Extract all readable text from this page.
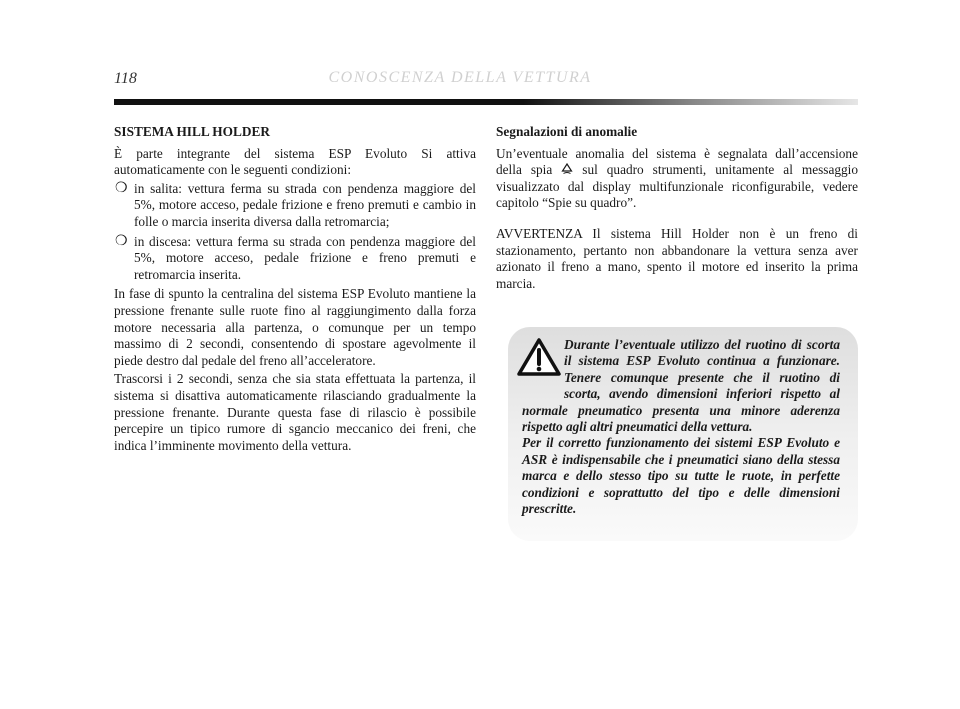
118	CONOSCENZA DELLA VETTURA

SISTEMA HILL HOLDER

È parte integrante del sistema ESP Evoluto Si attiva automaticamente con le seguenti condizioni:

❍ in salita: vettura ferma su strada con pendenza maggiore del 5%, motore acceso, pedale frizione e freno premuti e cambio in folle o marcia inserita diversa dalla retromarcia;
❍ in discesa: vettura ferma su strada con pendenza maggiore del 5%, motore acceso, pedale frizione e freno premuti e retromarcia inserita.

In fase di spunto la centralina del sistema ESP Evoluto mantiene la pressione frenante sulle ruote fino al raggiungimento dalla forza motore necessaria alla partenza, o comunque per un tempo massimo di 2 secondi, consentendo di spostare agevolmente il piede destro dal pedale del freno all’acceleratore.

Trascorsi i 2 secondi, senza che sia stata effettuata la partenza, il sistema si disattiva automaticamente rilasciando gradualmente la pressione frenante. Durante questa fase di rilascio è possibile percepire un tipico rumore di sgancio meccanico dei freni, che indica l’imminente movimento della vettura.

Segnalazioni di anomalie

Un’eventuale anomalia del sistema è segnalata dall’accensione della spia sul quadro strumenti, unitamente al messaggio visualizzato dal display multifunzionale riconfigurabile, vedere capitolo “Spie su quadro”.

AVVERTENZA Il sistema Hill Holder non è un freno di stazionamento, pertanto non abbandonare la vettura senza aver azionato il freno a mano, spento il motore ed inserito la prima marcia.

Durante l’eventuale utilizzo del ruotino di scorta il sistema ESP Evoluto continua a funzionare. Tenere comunque presente che il ruotino di scorta, avendo dimensioni inferiori rispetto al normale pneumatico presenta una minore aderenza rispetto agli altri pneumatici della vettura.

Per il corretto funzionamento dei sistemi ESP Evoluto e ASR è indispensabile che i pneumatici siano della stessa marca e dello stesso tipo su tutte le ruote, in perfette condizioni e soprattutto del tipo e delle dimensioni prescritte.
